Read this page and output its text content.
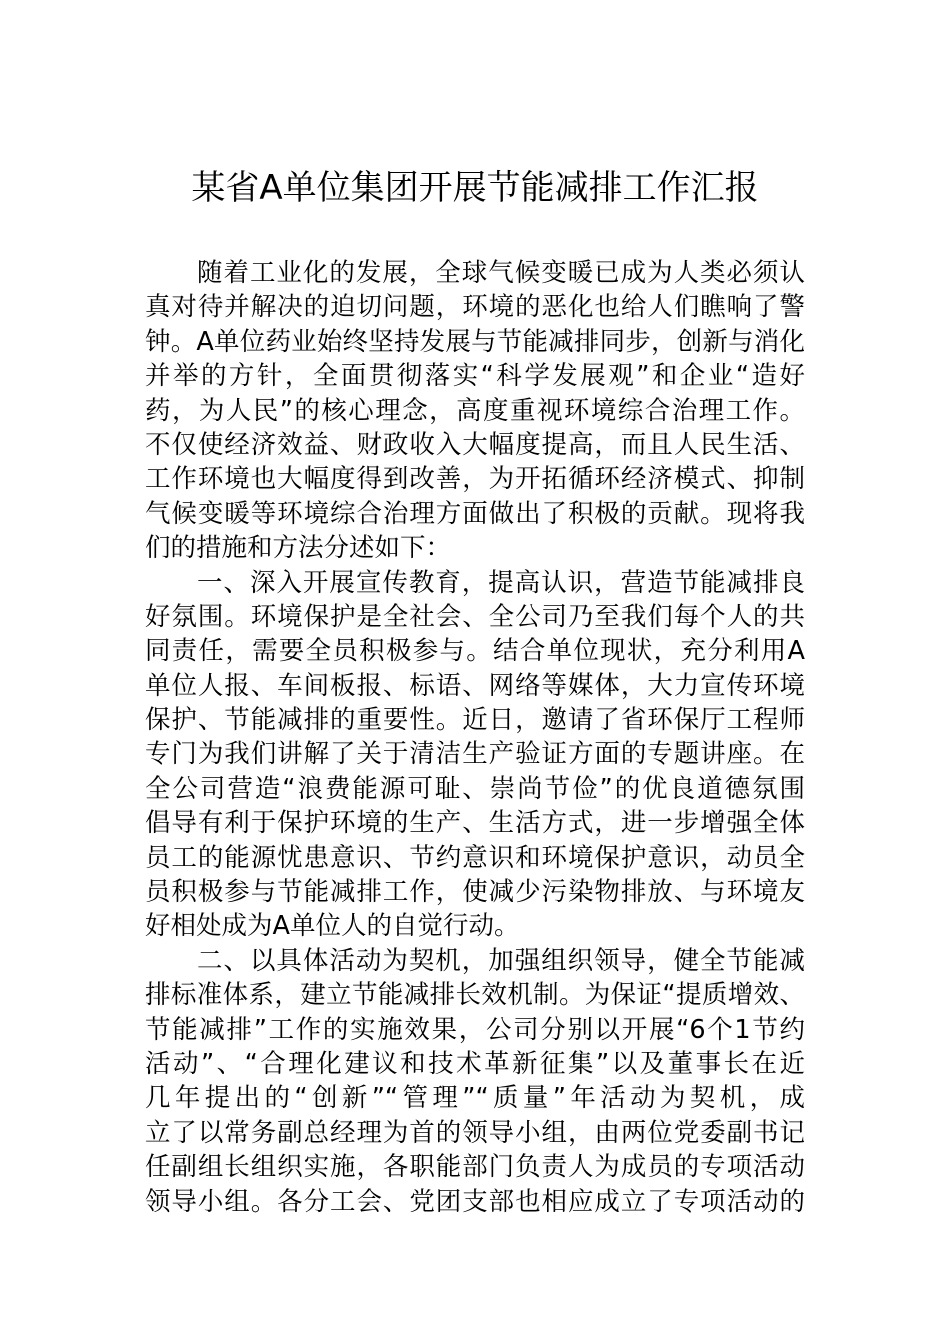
某省A单位集团开展节能减排工作汇报
随着工业化的发展，全球气候变暖已成为人类必须认
真对待并解决的迫切问题，环境的恶化也给人们瞧响了警
钟。A单位药业始终坚持发展与节能减排同步，创新与消化
并举的方针，全面贯彻落实“科学发展观”和企业“造好
药，为人民”的核心理念，高度重视环境综合治理工作。
不仅使经济效益、财政收入大幅度提高，而且人民生活、
工作环境也大幅度得到改善，为开拓循环经济模式、抑制
气候变暖等环境综合治理方面做出了积极的贡献。现将我
们的措施和方法分述如下：
一、深入开展宣传教育，提高认识，营造节能减排良
好氛围。环境保护是全社会、全公司乃至我们每个人的共
同责任，需要全员积极参与。结合单位现状，充分利用A
单位人报、车间板报、标语、网络等媒体，大力宣传环境
保护、节能减排的重要性。近日，邀请了省环保厅工程师
专门为我们讲解了关于清洁生产验证方面的专题讲座。在
全公司营造“浪费能源可耻、崇尚节俭”的优良道德氛围
倡导有利于保护环境的生产、生活方式，进一步增强全体
员工的能源忧患意识、节约意识和环境保护意识，动员全
员积极参与节能减排工作，使减少污染物排放、与环境友
好相处成为A单位人的自觉行动。
二、以具体活动为契机，加强组织领导，健全节能减
排标准体系，建立节能减排长效机制。为保证“提质增效、
节能减排”工作的实施效果，公司分别以开展“6个1节约
活动”、“合理化建议和技术革新征集”以及董事长在近
几年提出的“创新”“管理”“质量”年活动为契机，成
立了以常务副总经理为首的领导小组，由两位党委副书记
任副组长组织实施，各职能部门负责人为成员的专项活动
领导小组。各分工会、党团支部也相应成立了专项活动的
